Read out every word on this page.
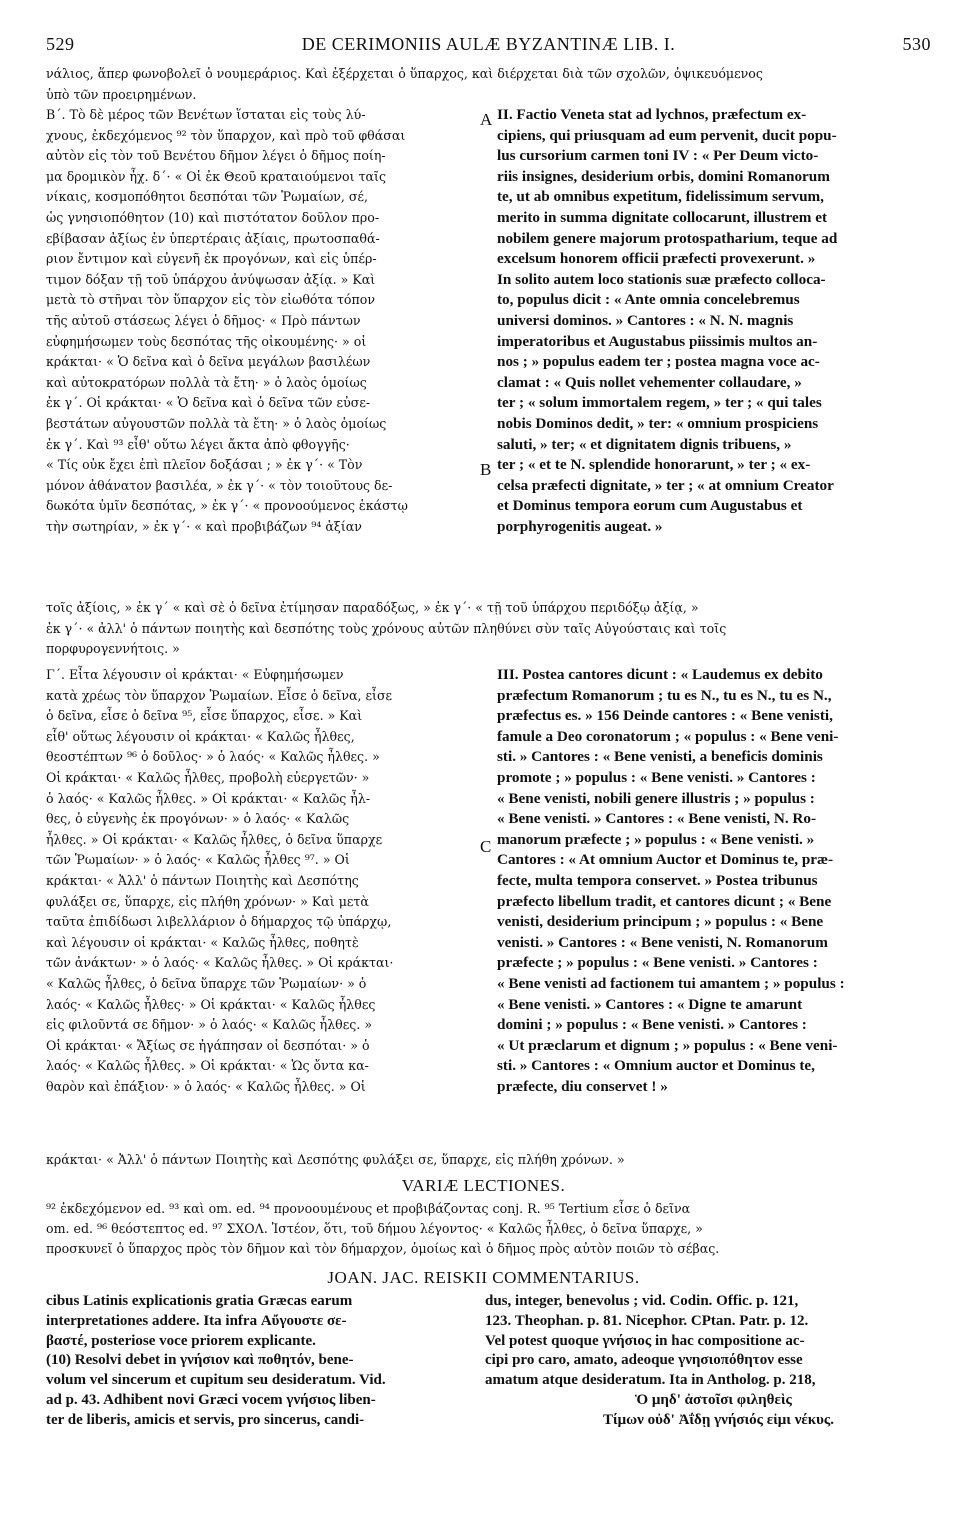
529	DE CERIMONIIS AULÆ BYZANTINÆ LIB. I.	530
νάλιος, ἅπερ φωνοβολεῖ ὁ νουμεράριος. Καὶ ἐξέρχεται ὁ ὕπαρχος, καὶ διέρχεται διὰ τῶν σχολῶν, ὀψικευόμενος
ὑπὸ τῶν προειρημένων.
Β΄. Τὸ δὲ μέρος τῶν Βενέτων ἵσταται εἰς τοὺς λύ-
χνους, ἐκδεχόμενος ⁹² τὸν ὕπαρχον, καὶ πρὸ τοῦ φθάσαι
αὐτὸν εἰς τὸν τοῦ Βενέτου δῆμον λέγει ὁ δῆμος ποίη-
μα δρομικὸν ἦχ. δ΄· « Οἱ ἐκ Θεοῦ κραταιούμενοι ταῖς
νίκαις, κοσμοπόθητοι δεσπόται τῶν Ῥωμαίων, σέ,
ὡς γνησιοπόθητον (10) καὶ πιστότατον δοῦλον προ-
εβίβασαν ἀξίως ἐν ὑπερτέραις ἀξίαις, πρωτοσπαθά-
ριον ἔντιμον καὶ εὐγενῆ ἐκ προγόνων, καὶ εἰς ὑπέρ-
τιμον δόξαν τῇ τοῦ ὑπάρχου ἀνύψωσαν ἀξίᾳ. » Καὶ
μετὰ τὸ στῆναι τὸν ὕπαρχον εἰς τὸν εἰωθότα τόπον
τῆς αὐτοῦ στάσεως λέγει ὁ δῆμος· « Πρὸ πάντων
εὐφημήσωμεν τοὺς δεσπότας τῆς οἰκουμένης· » οἱ
κράκται· « Ὁ δεῖνα καὶ ὁ δεῖνα μεγάλων βασιλέων
καὶ αὐτοκρατόρων πολλὰ τὰ ἔτη· » ὁ λαὸς ὁμοίως
ἐκ γ΄. Οἱ κράκται· « Ὁ δεῖνα καὶ ὁ δεῖνα τῶν εὐσε-
βεστάτων αὐγουστῶν πολλὰ τὰ ἔτη· » ὁ λαὸς ὁμοίως
ἐκ γ΄. Καὶ ⁹³ εἶθ' οὕτω λέγει ἄκτα ἀπὸ φθογγῆς·
« Τίς οὐκ ἔχει ἐπὶ πλεῖον δοξάσαι ; » ἐκ γ΄· « Τὸν
μόνον ἀθάνατον βασιλέα, » ἐκ γ΄· « τὸν τοιοῦτους δε-
δωκότα ὑμῖν δεσπότας, » ἐκ γ΄· « προνοούμενος ἑκάστῳ
τὴν σωτηρίαν, » ἐκ γ΄· « καὶ προβιβάζων ⁹⁴ ἀξίαν
II. Factio Veneta stat ad lychnos, præfectum ex-
cipiens, qui priusquam ad eum pervenit, ducit popu-
lus cursorium carmen toni IV : « Per Deum victo-
riis insignes, desiderium orbis, domini Romanorum
te, ut ab omnibus expetitum, fidelissimum servum,
merito in summa dignitate collocarunt, illustrem et
nobilem genere majorum protospatharium, teque ad
excelsum honorem officii præfecti provexerunt. »
In solito autem loco stationis suæ præfecto colloca-
to, populus dicit : « Ante omnia concelebremus
universi dominos. » Cantores : « N. N. magnis
imperatoribus et Augustabus piissimis multos an-
nos ; » populus eadem ter ; postea magna voce ac-
clamat : « Quis nollet vehementer collaudare, »
ter ; « solum immortalem regem, » ter ; « qui tales
nobis Dominos dedit, » ter: « omnium prospiciens
saluti, » ter; « et dignitatem dignis tribuens, »
ter ; « et te N. splendide honorarunt, » ter ; « ex-
celsa præfecti dignitate, » ter ; « at omnium Creator
et Dominus tempora eorum cum Augustabus et
porphyrogenitis augeat. »
A
B
τοῖς ἀξίοις, » ἐκ γ΄ « καὶ σὲ ὁ δεῖνα ἐτίμησαν παραδόξως, » ἐκ γ΄· « τῇ τοῦ ὑπάρχου περιδόξῳ ἀξίᾳ, »
ἐκ γ΄· « ἀλλ' ὁ πάντων ποιητὴς καὶ δεσπότης τοὺς χρόνους αὐτῶν πληθύνει σὺν ταῖς Αὐγούσταις καὶ τοῖς
πορφυρογεννήτοις. »
Γ΄. Εἶτα λέγουσιν οἱ κράκται· « Εὐφημήσωμεν
κατὰ χρέως τὸν ὕπαρχον Ῥωμαίων. Εἶσε ὁ δεῖνα, εἶσε
ὁ δεῖνα, εἶσε ὁ δεῖνα ⁹⁵, εἶσε ὕπαρχος, εἶσε. » Καὶ
εἶθ' οὕτως λέγουσιν οἱ κράκται· « Καλῶς ἦλθες,
θεοστέπτων ⁹⁶ ὁ δοῦλος· » ὁ λαός· « Καλῶς ἦλθες. »
Οἱ κράκται· « Καλῶς ἦλθες, προβολὴ εὐεργετῶν· »
ὁ λαός· « Καλῶς ἦλθες. » Οἱ κράκται· « Καλῶς ἦλ-
θες, ὁ εὐγενὴς ἐκ προγόνων· » ὁ λαός· « Καλῶς
ἦλθες. » Οἱ κράκται· « Καλῶς ἦλθες, ὁ δεῖνα ὕπαρχε
τῶν Ῥωμαίων· » ὁ λαός· « Καλῶς ἦλθες ⁹⁷. » Οἱ
κράκται· « Ἀλλ' ὁ πάντων Ποιητὴς καὶ Δεσπότης
φυλάξει σε, ὕπαρχε, εἰς πλήθη χρόνων· » Καὶ μετὰ
ταῦτα ἐπιδίδωσι λιβελλάριον ὁ δήμαρχος τῷ ὑπάρχῳ,
καὶ λέγουσιν οἱ κράκται· « Καλῶς ἦλθες, ποθητὲ
τῶν ἀνάκτων· » ὁ λαός· « Καλῶς ἦλθες. » Οἱ κράκται·
« Καλῶς ἦλθες, ὁ δεῖνα ὕπαρχε τῶν Ῥωμαίων· » ὁ
λαός· « Καλῶς ἦλθες· » Οἱ κράκται· « Καλῶς ἦλθες
εἰς φιλοῦντά σε δῆμον· » ὁ λαός· « Καλῶς ἦλθες. »
Οἱ κράκται· « Ἄξίως σε ἠγάπησαν οἱ δεσπόται· » ὁ
λαός· « Καλῶς ἦλθες. » Οἱ κράκται· « Ὡς ὄντα κα-
θαρὸν καὶ ἐπάξιον· » ὁ λαός· « Καλῶς ἦλθες. » Οἱ
III. Postea cantores dicunt : « Laudemus ex debito
præfectum Romanorum ; tu es N., tu es N., tu es N.,
præfectus es. » 156 Deinde cantores : « Bene venisti,
famule a Deo coronatorum ; « populus : « Bene veni-
sti. » Cantores : « Bene venisti, a beneficis dominis
promote ; » populus : « Bene venisti. » Cantores :
« Bene venisti, nobili genere illustris ; » populus :
« Bene venisti. » Cantores : « Bene venisti, N. Ro-
manorum præfecte ; » populus : « Bene venisti. »
Cantores : « At omnium Auctor et Dominus te, præ-
fecte, multa tempora conservet. » Postea tribunus
præfecto libellum tradit, et cantores dicunt ; « Bene
venisti, desiderium principum ; » populus : « Bene
venisti. » Cantores : « Bene venisti, N. Romanorum
præfecte ; » populus : « Bene venisti. » Cantores :
« Bene venisti ad factionem tui amantem ; » populus :
« Bene venisti. » Cantores : « Digne te amarunt
domini ; » populus : « Bene venisti. » Cantores :
« Ut præclarum et dignum ; » populus : « Bene veni-
sti. » Cantores : « Omnium auctor et Dominus te,
præfecte, diu conservet ! »
C
κράκται· « Ἀλλ' ὁ πάντων Ποιητὴς καὶ Δεσπότης φυλάξει σε, ὕπαρχε, εἰς πλήθη χρόνων. »
VARIÆ LECTIONES.
⁹² ἐκδεχόμενον ed. ⁹³ καὶ om. ed. ⁹⁴ προνοουμένους et προβιβάζοντας conj. R. ⁹⁵ Tertium εἶσε ὁ δεῖνα
om. ed. ⁹⁶ θεόστεπτος ed. ⁹⁷ ΣΧΟΛ. Ἰστέον, ὅτι, τοῦ δήμου λέγοντος· « Καλῶς ἦλθες, ὁ δεῖνα ὕπαρχε, »
προσκυνεῖ ὁ ὕπαρχος πρὸς τὸν δῆμον καὶ τὸν δήμαρχον, ὁμοίως καὶ ὁ δῆμος πρὸς αὐτὸν ποιῶν τὸ σέβας.
JOAN. JAC. REISKII COMMENTARIUS.
cibus Latinis explicationis gratia Græcas earum
interpretationes addere. Ita infra Αὔγουστε σε-
βαστέ, posteriose voce priorem explicante.
(10) Resolvi debet in γνήσιον καὶ ποθητόν, bene-
volum vel sincerum et cupitum seu desideratum. Vid.
ad p. 43. Adhibent novi Græci vocem γνήσιος liben-
ter de liberis, amicis et servis, pro sincerus, candi-
dus, integer, benevolus ; vid. Codin. Offic. p. 121,
123. Theophan. p. 81. Nicephor. CPtan. Patr. p. 12.
Vel potest quoque γνήσιος in hac compositione ac-
cipi pro caro, amato, adeoque γνησιοπόθητον esse
amatum atque desideratum. Ita in Antholog. p. 218,
Ὁ μηδ' ἀστοῖσι φιληθεὶς
Τίμων οὐδ' Ἀΐδῃ γνήσιός εἰμι νέκυς.
